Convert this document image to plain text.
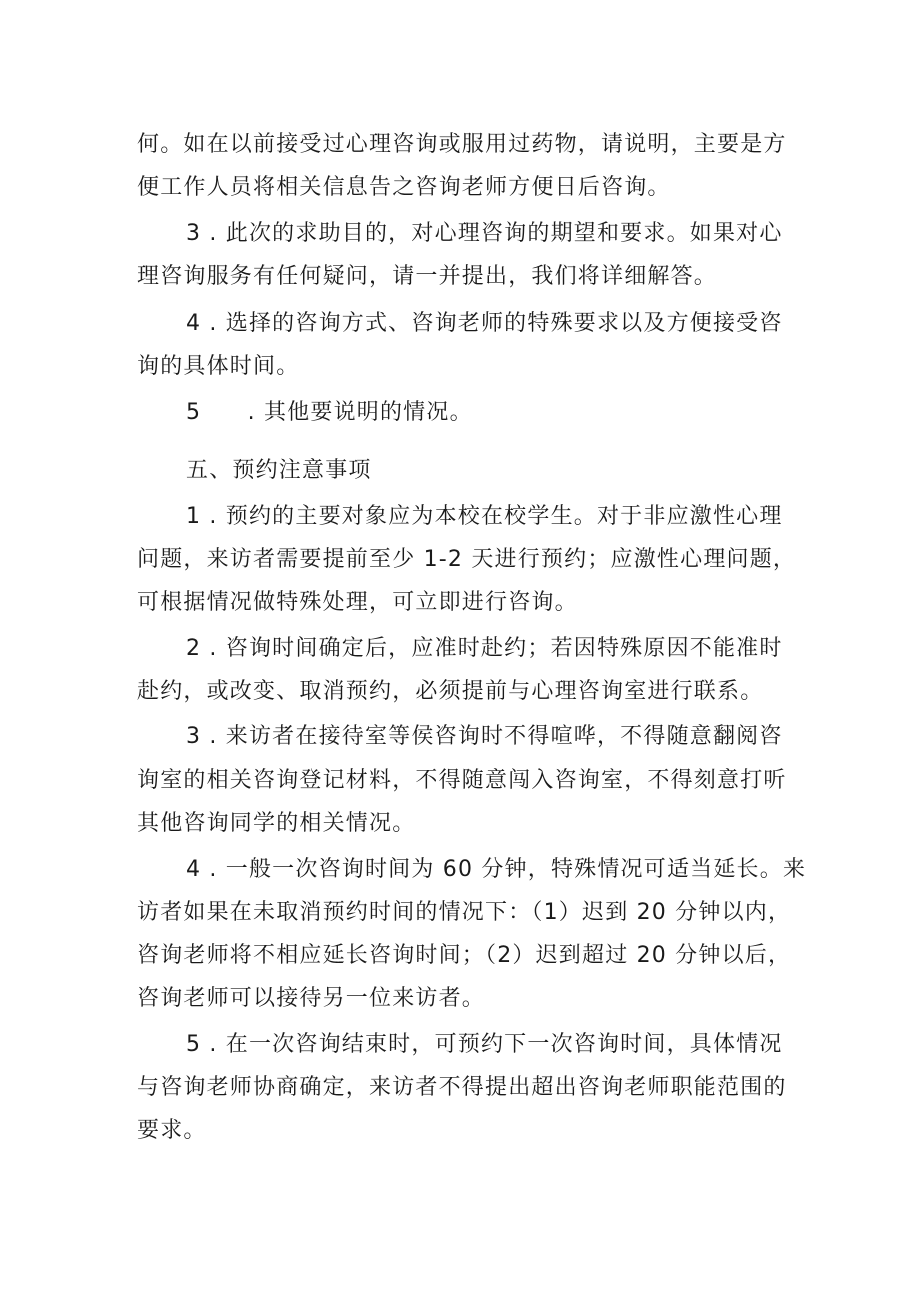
何。如在以前接受过心理咨询或服用过药物，请说明，主要是方
便工作人员将相关信息告之咨询老师方便日后咨询。
3 . 此次的求助目的，对心理咨询的期望和要求。如果对心
理咨询服务有任何疑问，请一并提出，我们将详细解答。
4 . 选择的咨询方式、咨询老师的特殊要求以及方便接受咨
询的具体时间。
5　　. 其他要说明的情况。
五、预约注意事项
1 . 预约的主要对象应为本校在校学生。对于非应激性心理
问题，来访者需要提前至少 1-2 天进行预约；应激性心理问题，
可根据情况做特殊处理，可立即进行咨询。
2 . 咨询时间确定后，应准时赴约；若因特殊原因不能准时
赴约，或改变、取消预约，必须提前与心理咨询室进行联系。
3 . 来访者在接待室等侯咨询时不得喧哗，不得随意翻阅咨
询室的相关咨询登记材料，不得随意闯入咨询室，不得刻意打听
其他咨询同学的相关情况。
4 . 一般一次咨询时间为 60 分钟，特殊情况可适当延长。来
访者如果在未取消预约时间的情况下：（1）迟到 20 分钟以内，
咨询老师将不相应延长咨询时间；（2）迟到超过 20 分钟以后，
咨询老师可以接待另一位来访者。
5 . 在一次咨询结束时，可预约下一次咨询时间，具体情况
与咨询老师协商确定，来访者不得提出超出咨询老师职能范围的
要求。
